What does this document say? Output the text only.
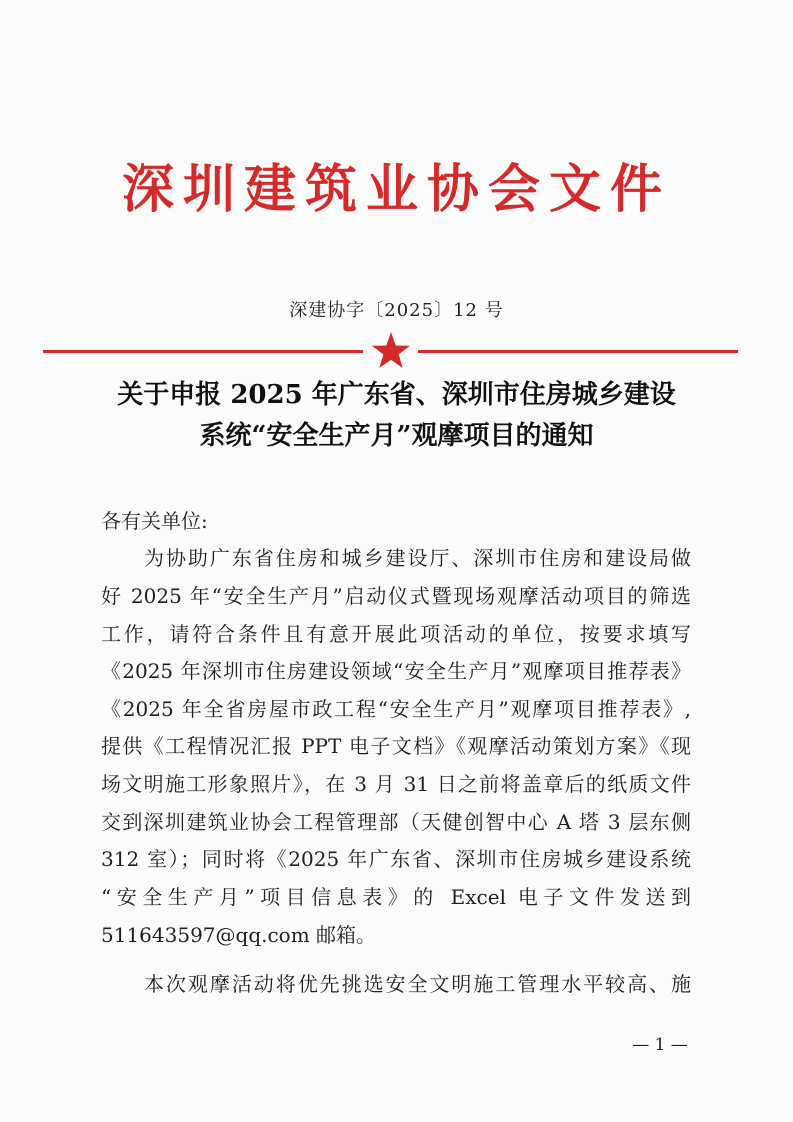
深圳建筑业协会文件
深建协字〔2025〕12 号
关于申报 2025 年广东省、深圳市住房城乡建设
系统“安全生产月”观摩项目的通知
各有关单位:
为协助广东省住房和城乡建设厅、深圳市住房和建设局做
好 2025 年“安全生产月”启动仪式暨现场观摩活动项目的筛选
工作，请符合条件且有意开展此项活动的单位，按要求填写
《2025 年深圳市住房建设领域“安全生产月”观摩项目推荐表》
《2025 年全省房屋市政工程“安全生产月”观摩项目推荐表》,
提供《工程情况汇报 PPT 电子文档》《观摩活动策划方案》《现
场文明施工形象照片》，在 3 月 31 日之前将盖章后的纸质文件
交到深圳建筑业协会工程管理部（天健创智中心 A 塔 3 层东侧
312 室）；同时将《2025 年广东省、深圳市住房城乡建设系统
“安全生产月”项目信息表》的 Excel 电子文件发送到
511643597@qq.com 邮箱。
本次观摩活动将优先挑选安全文明施工管理水平较高、施
— 1 —
